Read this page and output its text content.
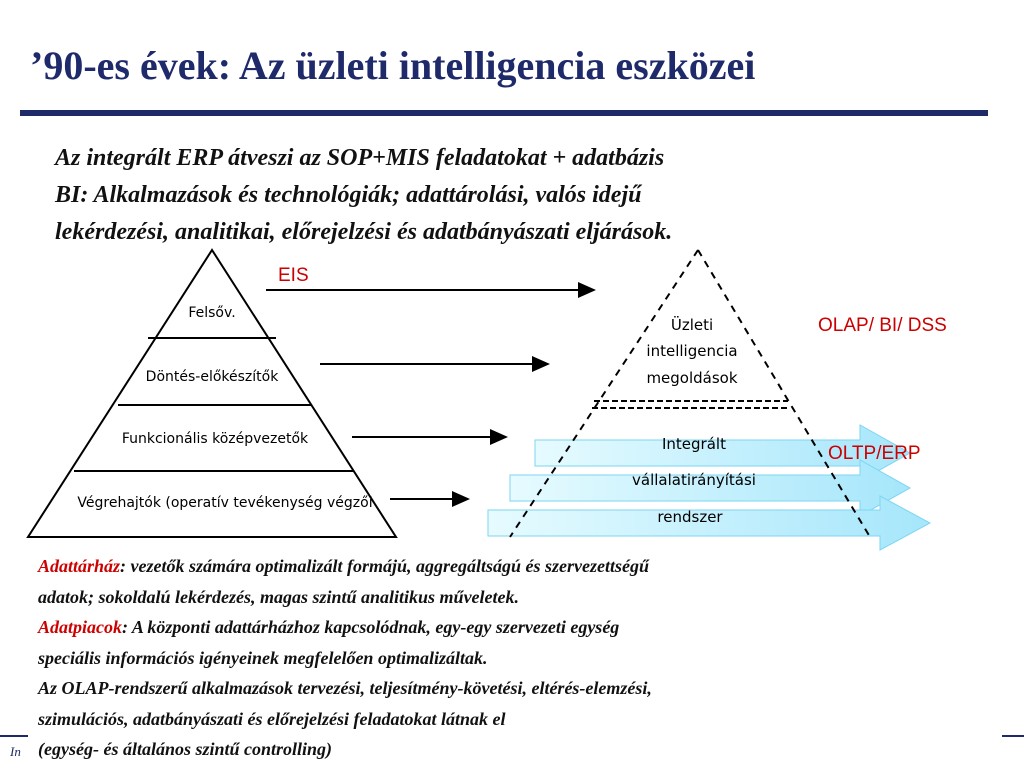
’90-es évek: Az üzleti intelligencia eszközei
Az integrált ERP átveszi az SOP+MIS feladatokat + adatbázis
BI: Alkalmazások és technológiák; adattárolási, valós idejű
lekérdezési, analitikai, előrejelzési és adatbányászati eljárások.
Felsőv.
Döntés-előkészítők
Funkcionális középvezetők
Végrehajtók (operatív tevékenység végzői
Üzleti
intelligencia
megoldások
Integrált
vállalatirányítási
rendszer
EIS
OLAP/ BI/ DSS
OLTP/ERP
Adattárház: vezetők számára optimalizált formájú, aggregáltságú és szervezettségű
adatok; sokoldalú lekérdezés, magas szintű analitikus műveletek.
Adatpiacok: A központi adattárházhoz kapcsolódnak, egy-egy szervezeti egység
speciális információs igényeinek megfelelően optimalizáltak.
Az OLAP-rendszerű alkalmazások tervezési, teljesítmény-követési, eltérés-elemzési,
szimulációs, adatbányászati és előrejelzési feladatokat látnak el
(egység- és általános szintű controlling)
In
